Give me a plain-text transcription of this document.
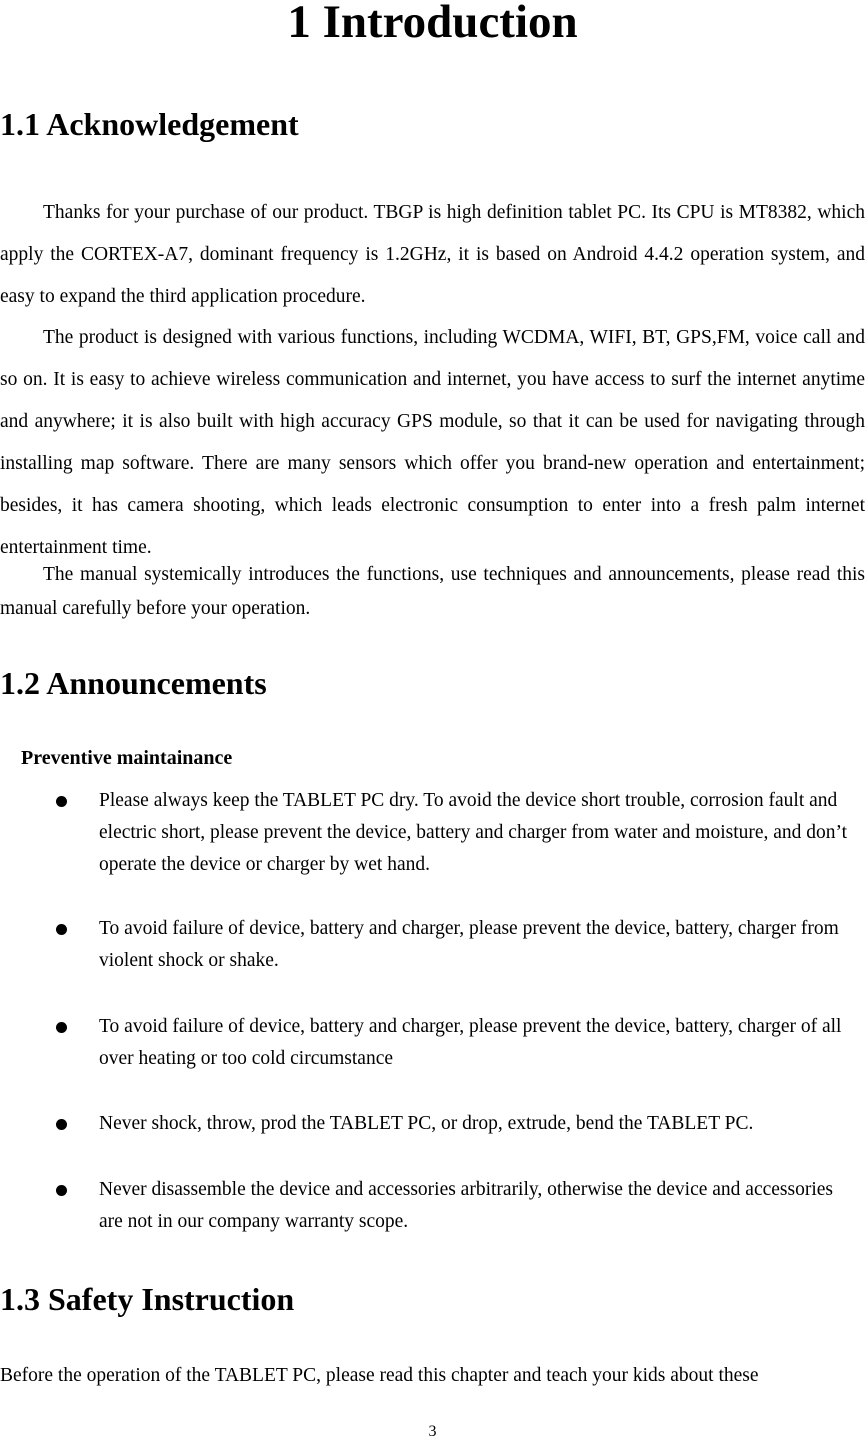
1 Introduction
1.1 Acknowledgement

Thanks for your purchase of our product. TBGP is high definition tablet PC. Its CPU is MT8382, which apply the CORTEX-A7, dominant frequency is 1.2GHz, it is based on Android 4.4.2 operation system, and easy to expand the third application procedure.

The product is designed with various functions, including WCDMA, WIFI, BT, GPS,FM, voice call and so on. It is easy to achieve wireless communication and internet, you have access to surf the internet anytime and anywhere; it is also built with high accuracy GPS module, so that it can be used for navigating through installing map software. There are many sensors which offer you brand-new operation and entertainment; besides, it has camera shooting, which leads electronic consumption to enter into a fresh palm internet entertainment time.

The manual systemically introduces the functions, use techniques and announcements, please read this manual carefully before your operation.

1.2 Announcements
Preventive maintainance
Please always keep the TABLET PC dry. To avoid the device short trouble, corrosion fault and electric short, please prevent the device, battery and charger from water and moisture, and don’t operate the device or charger by wet hand.
To avoid failure of device, battery and charger, please prevent the device, battery, charger from violent shock or shake.
To avoid failure of device, battery and charger, please prevent the device, battery, charger of all over heating or too cold circumstance
Never shock, throw, prod the TABLET PC, or drop, extrude, bend the TABLET PC.
Never disassemble the device and accessories arbitrarily, otherwise the device and accessories are not in our company warranty scope.
1.3 Safety Instruction

Before the operation of the TABLET PC, please read this chapter and teach your kids about these

3
